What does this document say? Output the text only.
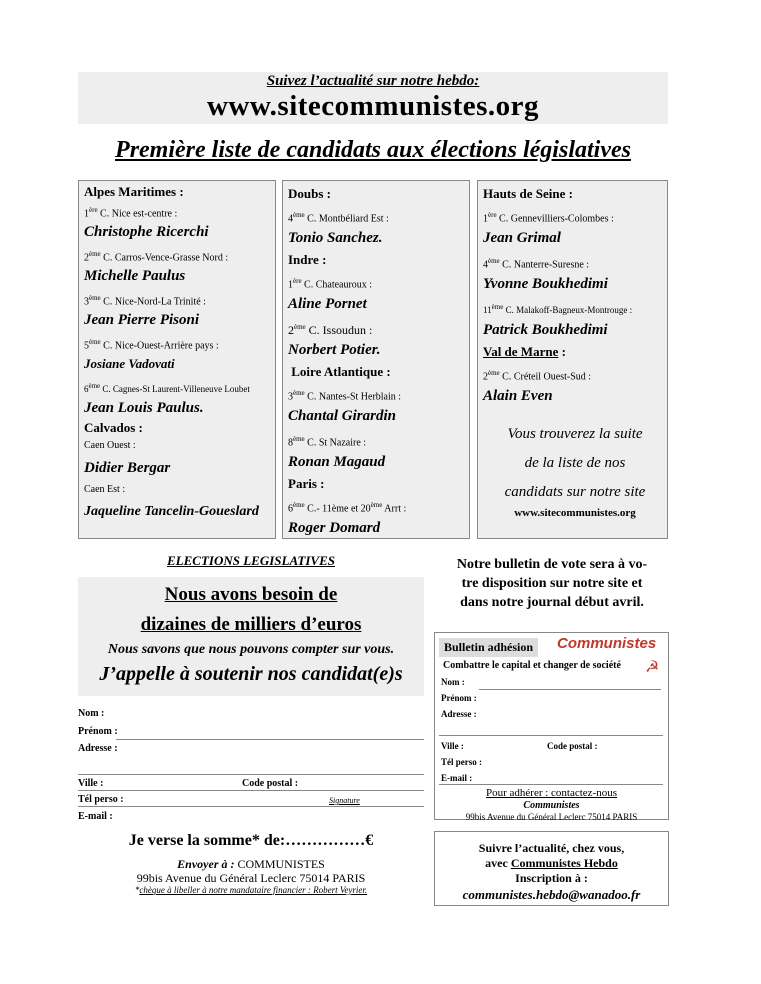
Suivez l’actualité sur notre hebdo:
www.sitecommunistes.org
Première liste de candidats aux élections législatives
Alpes Maritimes :
1ère C. Nice est-centre :
Christophe Ricerchi
2ème C. Carros-Vence-Grasse Nord :
Michelle Paulus
3ème C. Nice-Nord-La Trinité :
Jean Pierre Pisoni
5ème C. Nice-Ouest-Arrière pays :
Josiane Vadovati
6ème C. Cagnes-St Laurent-Villeneuve Loubet
Jean Louis Paulus.
Calvados :
Caen Ouest :
Didier Bergar
Caen Est :
Jaqueline Tancelin-Goueslard
Doubs :
4ème C. Montbéliard Est :
Tonio Sanchez.
Indre :
1ère C. Chateauroux :
Aline Pornet
2ème C. Issoudun :
Norbert Potier.
Loire Atlantique :
3ème C. Nantes-St Herblain :
Chantal Girardin
8ème C. St Nazaire :
Ronan Magaud
Paris :
6ème C.- 11ème et 20ème Arrt :
Roger Domard
Hauts de Seine :
1ère C. Gennevilliers-Colombes :
Jean Grimal
4ème C. Nanterre-Suresne :
Yvonne Boukhedimi
11ème C. Malakoff-Bagneux-Montrouge :
Patrick Boukhedimi
Val de Marne :
2ème C. Créteil Ouest-Sud :
Alain Even
Vous trouverez la suite
de la liste de nos
candidats sur notre site
www.sitecommunistes.org
ELECTIONS LEGISLATIVES
Nous avons besoin de
dizaines de milliers d’euros
Nous savons que nous pouvons compter sur vous.
J’appelle à soutenir nos candidat(e)s
Nom :
Prénom :
Adresse :
Ville :	Code postal :
Tél perso :	Signature
E-mail :
Je verse la somme* de:……………€
Envoyer à : COMMUNISTES
99bis Avenue du Général Leclerc 75014 PARIS
*chèque à libeller à notre mandataire financier : Robert Veyrier.
Notre bulletin de vote sera à vo-
tre disposition sur notre site et
dans notre journal début avril.
Bulletin adhésion	Communistes
Combattre le capital et changer de société ☭
Nom :
Prénom :
Adresse :
Ville :	Code postal :
Tél perso :
E-mail :
Pour adhérer : contactez-nous
Communistes
99bis Avenue du Général Leclerc 75014 PARIS
Suivre l’actualité, chez vous,
avec Communistes Hebdo
Inscription à :
communistes.hebdo@wanadoo.fr
